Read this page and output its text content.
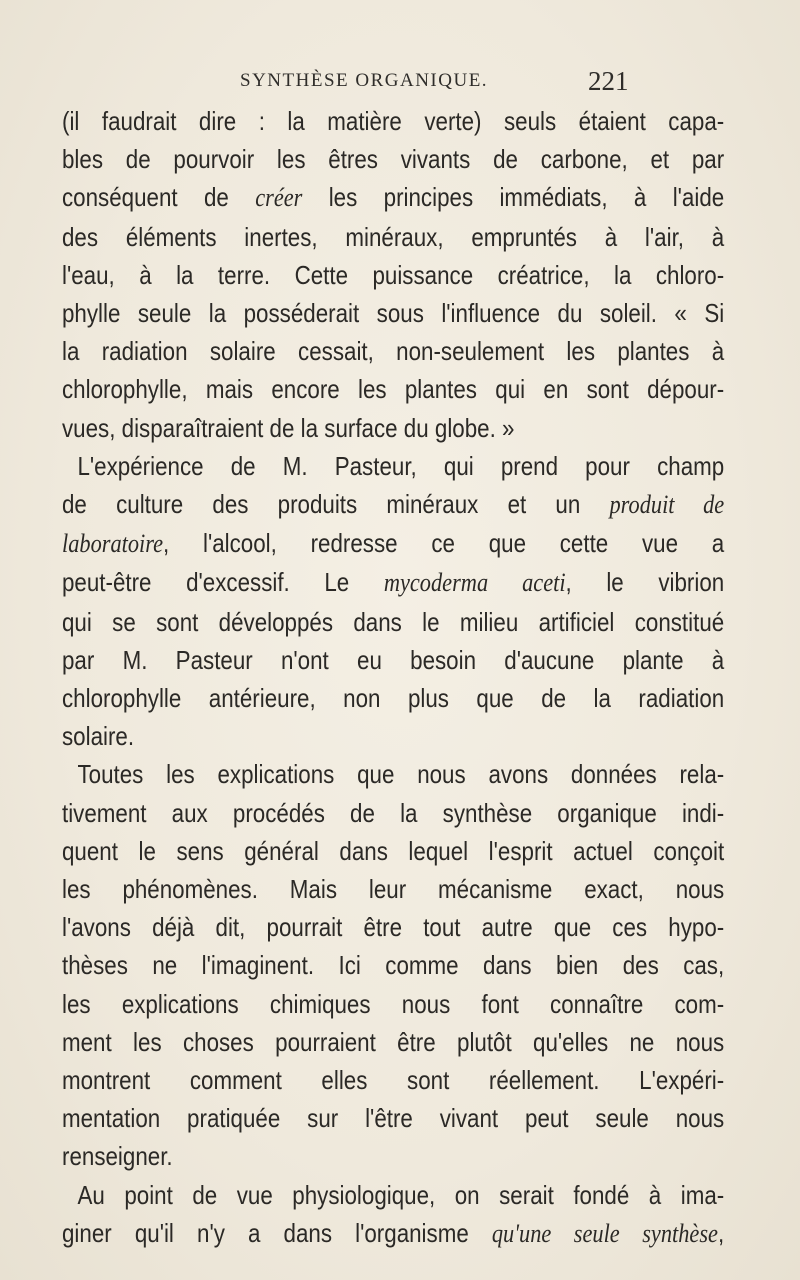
SYNTHÈSE ORGANIQUE.	221
(il faudrait dire : la matière verte) seuls étaient capa-
bles de pourvoir les êtres vivants de carbone, et par
conséquent de créer les principes immédiats, à l'aide
des éléments inertes, minéraux, empruntés à l'air, à
l'eau, à la terre. Cette puissance créatrice, la chloro-
phylle seule la posséderait sous l'influence du soleil. « Si
la radiation solaire cessait, non-seulement les plantes à
chlorophylle, mais encore les plantes qui en sont dépour-
vues, disparaîtraient de la surface du globe. »
L'expérience de M. Pasteur, qui prend pour champ
de culture des produits minéraux et un produit de
laboratoire, l'alcool, redresse ce que cette vue a
peut-être d'excessif. Le mycoderma aceti, le vibrion
qui se sont développés dans le milieu artificiel constitué
par M. Pasteur n'ont eu besoin d'aucune plante à
chlorophylle antérieure, non plus que de la radiation
solaire.
Toutes les explications que nous avons données rela-
tivement aux procédés de la synthèse organique indi-
quent le sens général dans lequel l'esprit actuel conçoit
les phénomènes. Mais leur mécanisme exact, nous
l'avons déjà dit, pourrait être tout autre que ces hypo-
thèses ne l'imaginent. Ici comme dans bien des cas,
les explications chimiques nous font connaître com-
ment les choses pourraient être plutôt qu'elles ne nous
montrent comment elles sont réellement. L'expéri-
mentation pratiquée sur l'être vivant peut seule nous
renseigner.
Au point de vue physiologique, on serait fondé à ima-
giner qu'il n'y a dans l'organisme qu'une seule synthèse,
